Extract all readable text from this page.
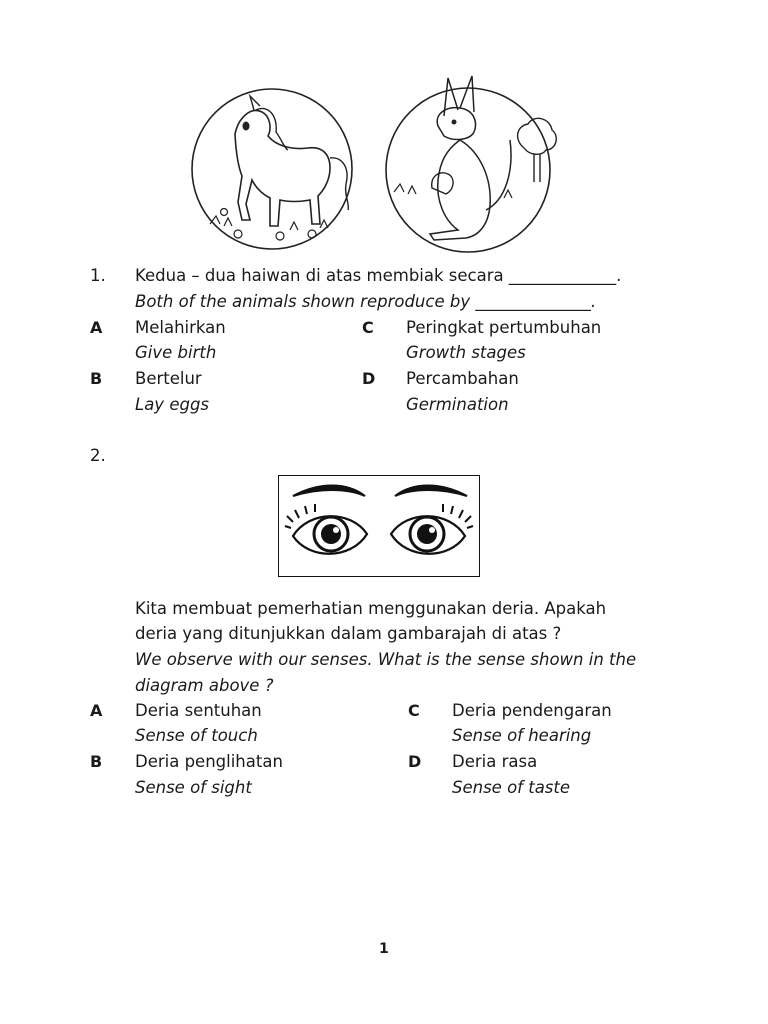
1. Kedua – dua haiwan di atas membiak secara _____________.
Both of the animals shown reproduce by ______________.
A Melahirkan
Give birth
B Bertelur
Lay eggs
C Peringkat pertumbuhan
Growth stages
D Percambahan
Germination
2.
Kita membuat pemerhatian menggunakan deria. Apakah
deria yang ditunjukkan dalam gambarajah di atas ?
We observe with our senses. What is the sense shown in the
diagram above ?
A Deria sentuhan
Sense of touch
B Deria penglihatan
Sense of sight
C Deria pendengaran
Sense of hearing
D Deria rasa
Sense of taste
1
